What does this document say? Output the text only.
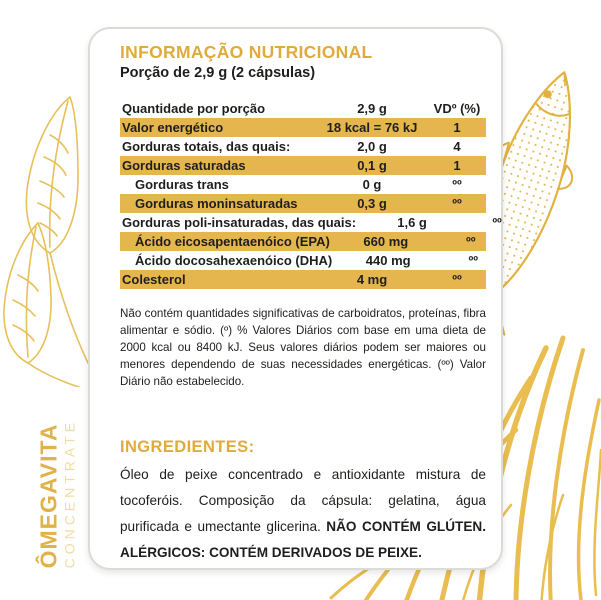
ÔMEGAVITA CONCENTRATE
INFORMAÇÃO NUTRICIONAL
Porção de 2,9 g (2 cápsulas)
Quantidade por porção	2,9 g	VDº (%)
Valor energético	18 kcal = 76 kJ	1
Gorduras totais, das quais:	2,0 g	4
Gorduras saturadas	0,1 g	1
Gorduras trans	0 g	ºº
Gorduras moninsaturadas	0,3 g	ºº
Gorduras poli-insaturadas, das quais:	1,6 g	ºº
Ácido eicosapentaenóico (EPA)	660 mg	ºº
Ácido docosahexaenóico (DHA)	440 mg	ºº
Colesterol	4 mg	ºº
Não contém quantidades significativas de carboidratos, proteínas, fibra alimentar e sódio. (º) % Valores Diários com base em uma dieta de 2000 kcal ou 8400 kJ. Seus valores diários podem ser maiores ou menores dependendo de suas necessidades energéticas. (ºº) Valor Diário não estabelecido.
INGREDIENTES:
Óleo de peixe concentrado e antioxidante mistura de tocoferóis. Composição da cápsula: gelatina, água purificada e umectante glicerina. NÃO CONTÉM GLÚTEN. ALÉRGICOS: CONTÉM DERIVADOS DE PEIXE.
